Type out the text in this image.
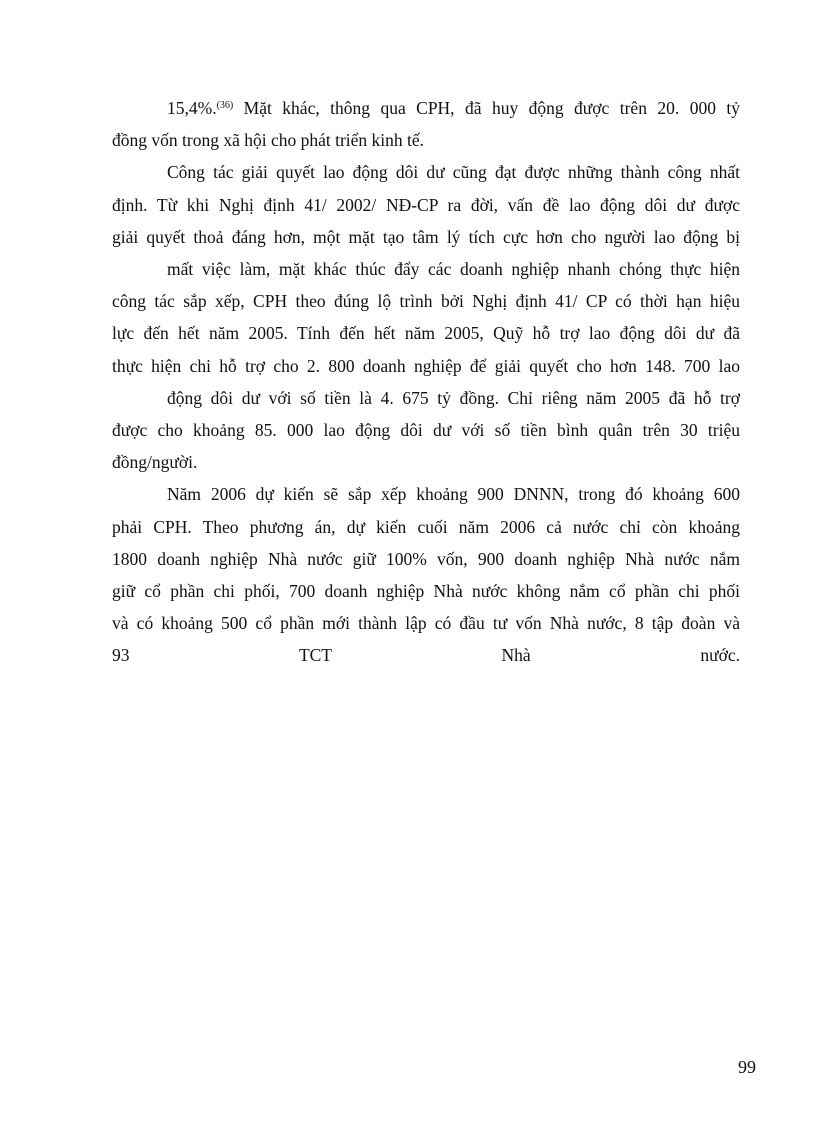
15,4%.$^{(36)}$ Mặt khác, thông qua CPH, đã huy động được trên 20. 000 tỷ
đồng vốn trong xã hội cho phát triển kinh tế.
Công tác giải quyết lao động dôi dư cũng đạt được những thành công nhất
định. Từ khi Nghị định 41/ 2002/ NĐ-CP ra đời, vấn đề lao động dôi dư được
giải quyết thoả đáng hơn, một mặt tạo tâm lý tích cực hơn cho người lao động bị
mất việc làm, mặt khác thúc đẩy các doanh nghiệp nhanh chóng thực hiện
công tác sắp xếp, CPH theo đúng lộ trình bởi Nghị định 41/ CP có thời hạn hiệu
lực đến hết năm 2005. Tính đến hết năm 2005, Quỹ hỗ trợ lao động dôi dư đã
thực hiện chi hỗ trợ cho 2. 800 doanh nghiệp để giải quyết cho hơn 148. 700 lao
động dôi dư với số tiền là 4. 675 tỷ đồng. Chỉ riêng năm 2005 đã hỗ trợ
được cho khoảng 85. 000 lao động dôi dư với số tiền bình quân trên 30 triệu
đồng/người.
Năm 2006 dự kiến sẽ sắp xếp khoảng 900 DNNN, trong đó khoảng 600
phải CPH. Theo phương án, dự kiến cuối năm 2006 cả nước chỉ còn khoảng
1800 doanh nghiệp Nhà nước giữ 100% vốn, 900 doanh nghiệp Nhà nước nắm
giữ cổ phần chi phối, 700 doanh nghiệp Nhà nước không nắm cổ phần chi phối
và có khoảng 500 cổ phần mới thành lập có đầu tư vốn Nhà nước, 8 tập đoàn và
93 TCT Nhà nước.
99
